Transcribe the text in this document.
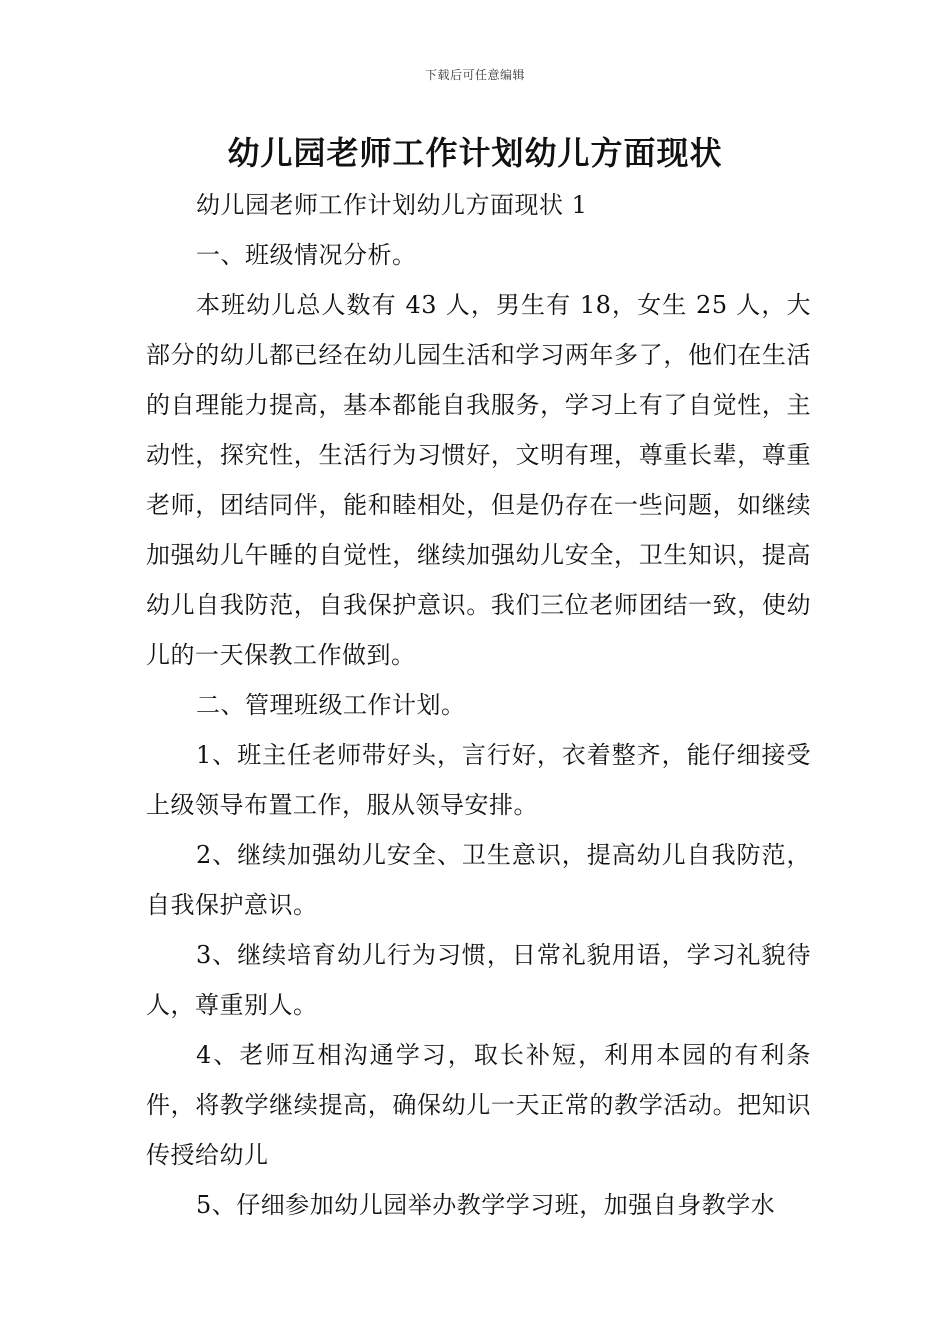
下载后可任意编辑
幼儿园老师工作计划幼儿方面现状

幼儿园老师工作计划幼儿方面现状 1

一、班级情况分析。

本班幼儿总人数有 43 人，男生有 18，女生 25 人，大部分的幼儿都已经在幼儿园生活和学习两年多了，他们在生活的自理能力提高，基本都能自我服务，学习上有了自觉性，主动性，探究性，生活行为习惯好，文明有理，尊重长辈，尊重老师，团结同伴，能和睦相处，但是仍存在一些问题，如继续加强幼儿午睡的自觉性，继续加强幼儿安全，卫生知识，提高幼儿自我防范，自我保护意识。我们三位老师团结一致，使幼儿的一天保教工作做到。

二、管理班级工作计划。

1、班主任老师带好头，言行好，衣着整齐，能仔细接受上级领导布置工作，服从领导安排。

2、继续加强幼儿安全、卫生意识，提高幼儿自我防范，自我保护意识。

3、继续培育幼儿行为习惯，日常礼貌用语，学习礼貌待人，尊重别人。

4、老师互相沟通学习，取长补短，利用本园的有利条件，将教学继续提高，确保幼儿一天正常的教学活动。把知识传授给幼儿

5、仔细参加幼儿园举办教学学习班，加强自身教学水
